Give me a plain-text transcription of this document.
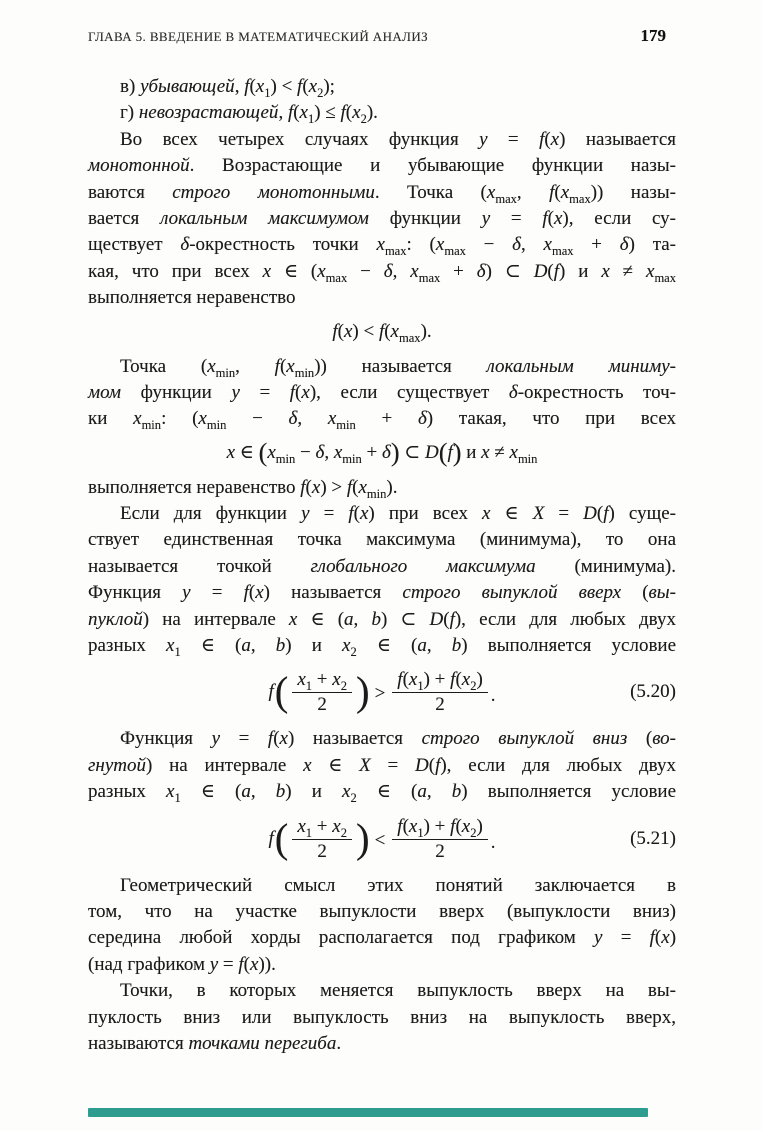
ГЛАВА 5. ВВЕДЕНИЕ В МАТЕМАТИЧЕСКИЙ АНАЛИЗ	179
в) убывающей, $f(x_1) < f(x_2)$;
г) невозрастающей, $f(x_1) \le f(x_2)$.
Во всех четырех случаях функция y = f(x) называется
монотонной. Возрастающие и убывающие функции назы-
ваются строго монотонными. Точка ($x_{max}$, $f(x_{max})$) назы-
вается локальным максимумом функции y = f(x), если су-
ществует δ-окрестность точки $x_{max}$: ($x_{max} - \delta$, $x_{max} + \delta$) та-
кая, что при всех x ∈ ($x_{max} - \delta$, $x_{max} + \delta$) ⊂ D(f) и $x \ne x_{max}$
выполняется неравенство
$f(x) < f(x_{max})$.
Точка ($x_{min}$, $f(x_{min})$) называется локальным миниму-
мом функции y = f(x), если существует δ-окрестность точ-
ки $x_{min}$: ($x_{min} - \delta$, $x_{min} + \delta$) такая, что при всех
x ∈ ($x_{min} - \delta$, $x_{min} + \delta$) ⊂ D(f) и $x \ne x_{min}$
выполняется неравенство $f(x) > f(x_{min})$.
Если для функции y = f(x) при всех x ∈ X = D(f) суще-
ствует единственная точка максимума (минимума), то она
называется точкой глобального максимума (минимума).
Функция y = f(x) называется строго выпуклой вверх (вы-
пуклой) на интервале x ∈ (a, b) ⊂ D(f), если для любых двух
разных $x_1$ ∈ (a, b) и $x_2$ ∈ (a, b) выполняется условие
f ( $\frac{x_1 + x_2}{2}$ ) > $\frac{f(x_1) + f(x_2)}{2}$ .	(5.20)
Функция y = f(x) называется строго выпуклой вниз (во-
гнутой) на интервале x ∈ X = D(f), если для любых двух
разных $x_1$ ∈ (a, b) и $x_2$ ∈ (a, b) выполняется условие
f ( $\frac{x_1 + x_2}{2}$ ) < $\frac{f(x_1) + f(x_2)}{2}$ .	(5.21)
Геометрический смысл этих понятий заключается в
том, что на участке выпуклости вверх (выпуклости вниз)
середина любой хорды располагается под графиком y = f(x)
(над графиком y = f(x)).
Точки, в которых меняется выпуклость вверх на вы-
пуклость вниз или выпуклость вниз на выпуклость вверх,
называются точками перегиба.
